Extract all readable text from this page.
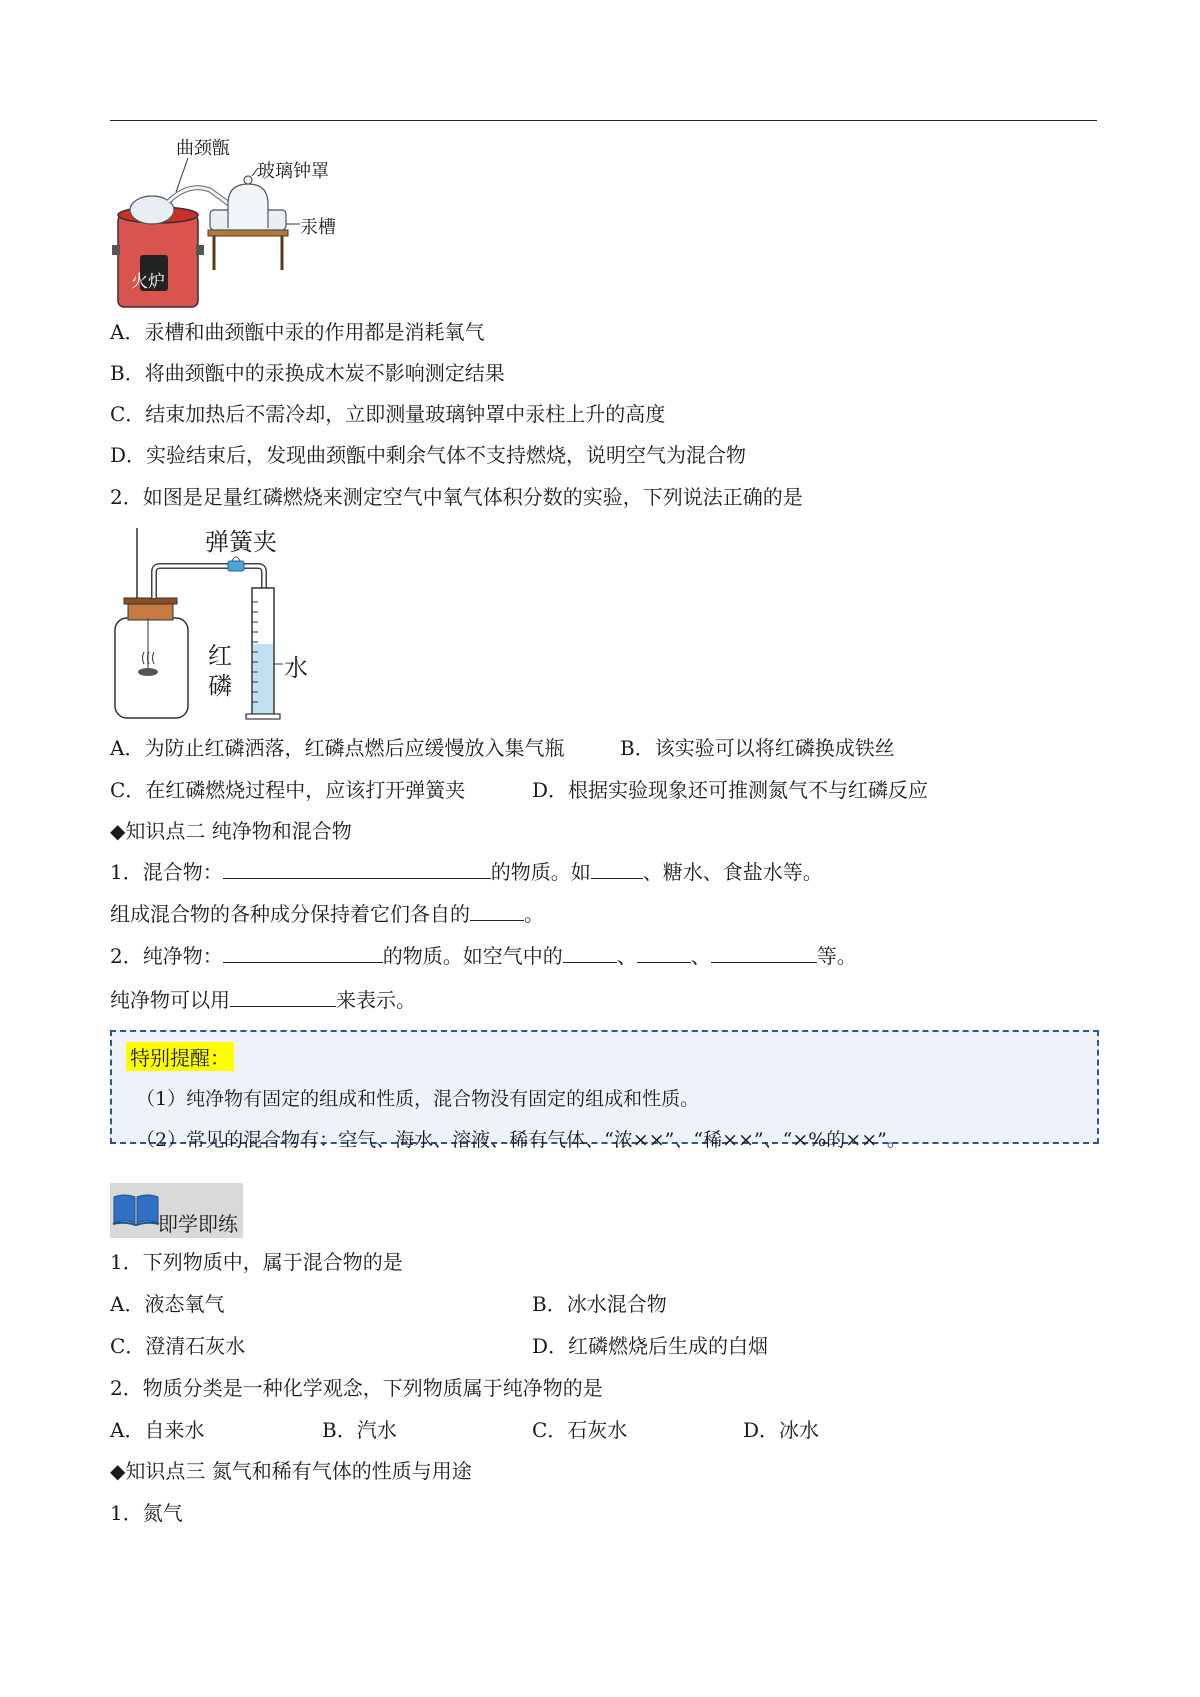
曲颈甑
玻璃钟罩
汞槽
火炉
A．汞槽和曲颈甑中汞的作用都是消耗氧气
B．将曲颈甑中的汞换成木炭不影响测定结果
C．结束加热后不需冷却，立即测量玻璃钟罩中汞柱上升的高度
D．实验结束后，发现曲颈甑中剩余气体不支持燃烧，说明空气为混合物
2．如图是足量红磷燃烧来测定空气中氧气体积分数的实验，下列说法正确的是
弹簧夹
红
磷
水
A．为防止红磷洒落，红磷点燃后应缓慢放入集气瓶	B．该实验可以将红磷换成铁丝
C．在红磷燃烧过程中，应该打开弹簧夹	D．根据实验现象还可推测氮气不与红磷反应
◆知识点二 纯净物和混合物
1．混合物：	的物质。如	、糖水、食盐水等。
组成混合物的各种成分保持着它们各自的	。
2．纯净物：	的物质。如空气中的	、	、	等。
纯净物可以用	来表示。
特别提醒：
（1）纯净物有固定的组成和性质，混合物没有固定的组成和性质。
（2）常见的混合物有：空气、海水、溶液、稀有气体、“浓××”、“稀××”、“×%的××”。
即学即练
1．下列物质中，属于混合物的是
A．液态氧气	B．冰水混合物
C．澄清石灰水	D．红磷燃烧后生成的白烟
2．物质分类是一种化学观念，下列物质属于纯净物的是
A．自来水	B．汽水	C．石灰水	D．冰水
◆知识点三 氮气和稀有气体的性质与用途
1．氮气
